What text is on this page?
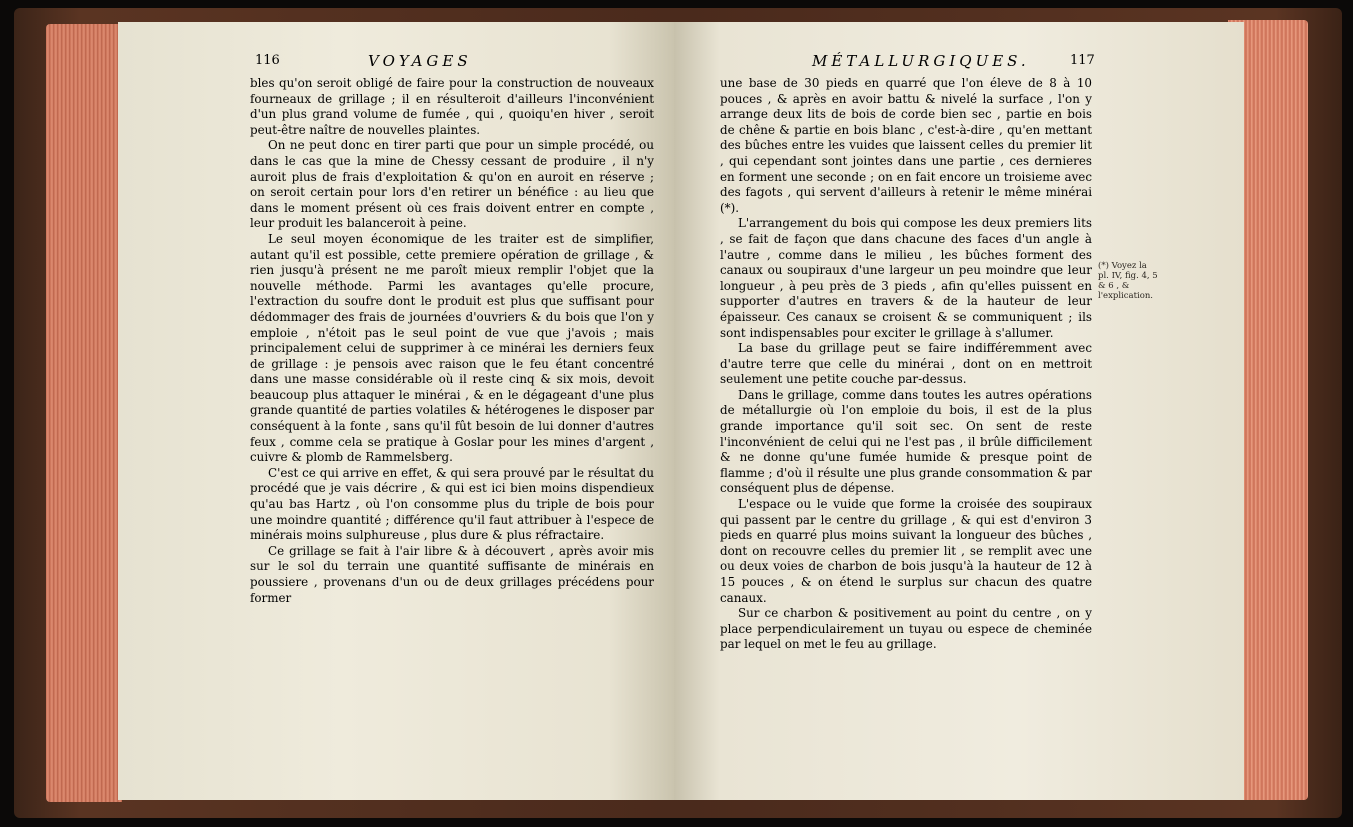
116	VOYAGES

bles qu'on seroit obligé de faire pour la construction de nouveaux fourneaux de grillage ; il en résulteroit d'ailleurs l'inconvénient d'un plus grand volume de fumée , qui , quoiqu'en hiver , seroit peut-être naître de nouvelles plaintes.

On ne peut donc en tirer parti que pour un simple procédé, ou dans le cas que la mine de Chessy cessant de produire , il n'y auroit plus de frais d'exploitation & qu'on en auroit en réserve ; on seroit certain pour lors d'en retirer un bénéfice : au lieu que dans le moment présent où ces frais doivent entrer en compte , leur produit les balanceroit à peine.

Le seul moyen économique de les traiter est de simplifier, autant qu'il est possible, cette premiere opération de grillage , & rien jusqu'à présent ne me paroît mieux remplir l'objet que la nouvelle méthode. Parmi les avantages qu'elle procure, l'extraction du soufre dont le produit est plus que suffisant pour dédommager des frais de journées d'ouvriers & du bois que l'on y emploie , n'étoit pas le seul point de vue que j'avois ; mais principalement celui de supprimer à ce minérai les derniers feux de grillage : je pensois avec raison que le feu étant concentré dans une masse considérable où il reste cinq & six mois, devoit beaucoup plus attaquer le minérai , & en le dégageant d'une plus grande quantité de parties volatiles & hétérogenes le disposer par conséquent à la fonte , sans qu'il fût besoin de lui donner d'autres feux , comme cela se pratique à Goslar pour les mines d'argent , cuivre & plomb de Rammelsberg.

C'est ce qui arrive en effet, & qui sera prouvé par le résultat du procédé que je vais décrire , & qui est ici bien moins dispendieux qu'au bas Hartz , où l'on consomme plus du triple de bois pour une moindre quantité ; différence qu'il faut attribuer à l'espece de minérais moins sulphureuse , plus dure & plus réfractaire.

Ce grillage se fait à l'air libre & à découvert , après avoir mis sur le sol du terrain une quantité suffisante de minérais en poussiere , provenans d'un ou de deux grillages précédens pour former

MÉTALLURGIQUES.	117

une base de 30 pieds en quarré que l'on éleve de 8 à 10 pouces , & après en avoir battu & nivelé la surface , l'on y arrange deux lits de bois de corde bien sec , partie en bois de chêne & partie en bois blanc , c'est-à-dire , qu'en mettant des bûches entre les vuides que laissent celles du premier lit , qui cependant sont jointes dans une partie , ces dernieres en forment une seconde ; on en fait encore un troisieme avec des fagots , qui servent d'ailleurs à retenir le même minérai (*).

L'arrangement du bois qui compose les deux premiers lits , se fait de façon que dans chacune des faces d'un angle à l'autre , comme dans le milieu , les bûches forment des canaux ou soupiraux d'une largeur un peu moindre que leur longueur , à peu près de 3 pieds , afin qu'elles puissent en supporter d'autres en travers & de la hauteur de leur épaisseur. Ces canaux se croisent & se communiquent ; ils sont indispensables pour exciter le grillage à s'allumer.

La base du grillage peut se faire indifféremment avec d'autre terre que celle du minérai , dont on en mettroit seulement une petite couche par-dessus.

Dans le grillage, comme dans toutes les autres opérations de métallurgie où l'on emploie du bois, il est de la plus grande importance qu'il soit sec. On sent de reste l'inconvénient de celui qui ne l'est pas , il brûle difficilement & ne donne qu'une fumée humide & presque point de flamme ; d'où il résulte une plus grande consommation & par conséquent plus de dépense.

L'espace ou le vuide que forme la croisée des soupiraux qui passent par le centre du grillage , & qui est d'environ 3 pieds en quarré plus moins suivant la longueur des bûches , dont on recouvre celles du premier lit , se remplit avec une ou deux voies de charbon de bois jusqu'à la hauteur de 12 à 15 pouces , & on étend le surplus sur chacun des quatre canaux.

Sur ce charbon & positivement au point du centre , on y place perpendiculairement un tuyau ou espece de cheminée par lequel on met le feu au grillage.

(*) Voyez la pl. IV, fig. 4, 5 & 6 , & l'explication.
